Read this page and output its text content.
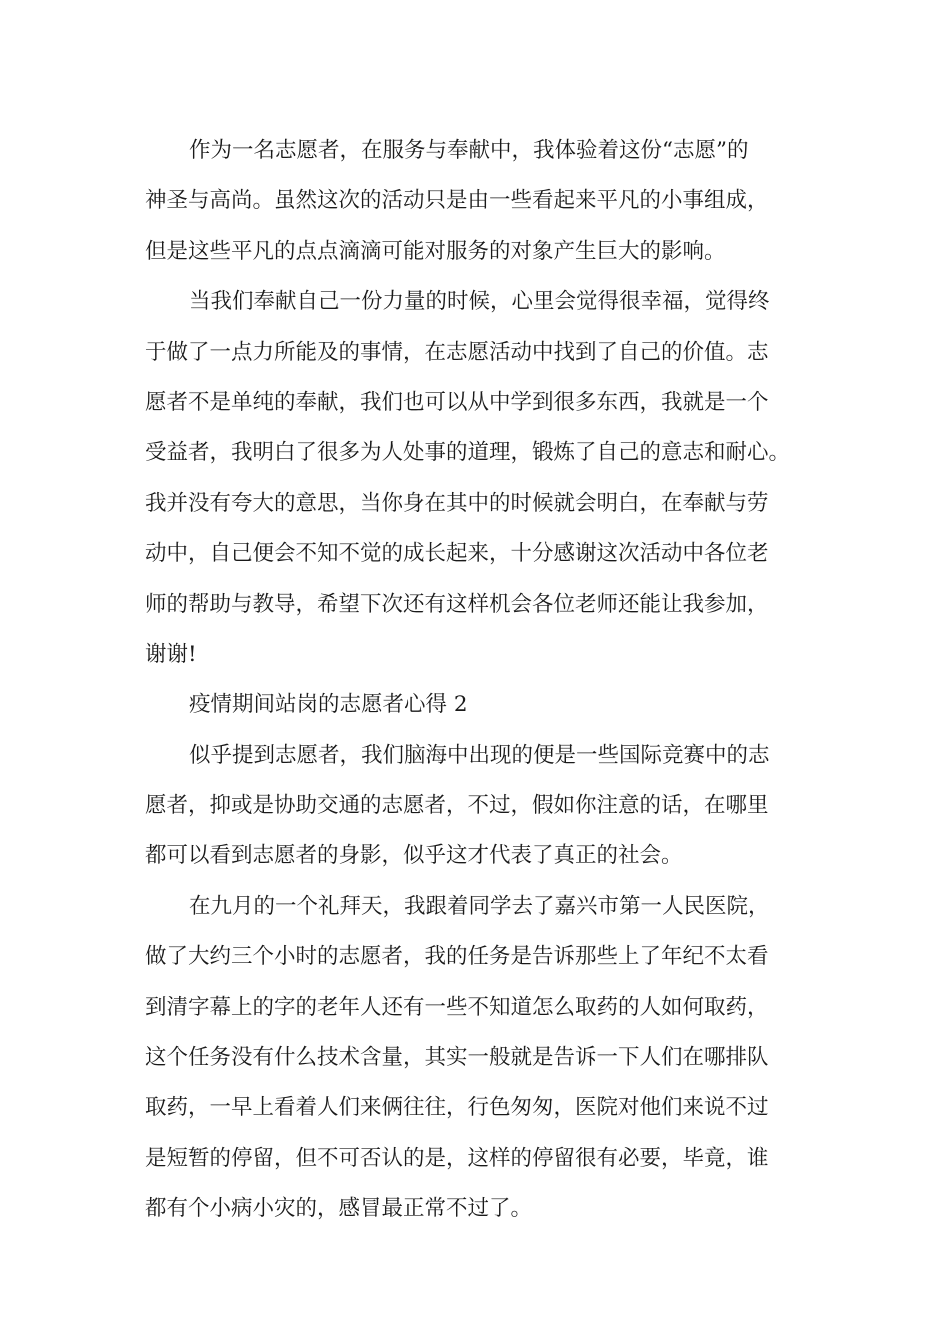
作为一名志愿者，在服务与奉献中，我体验着这份“志愿”的
神圣与高尚。虽然这次的活动只是由一些看起来平凡的小事组成，
但是这些平凡的点点滴滴可能对服务的对象产生巨大的影响。

当我们奉献自己一份力量的时候，心里会觉得很幸福，觉得终
于做了一点力所能及的事情，在志愿活动中找到了自己的价值。志
愿者不是单纯的奉献，我们也可以从中学到很多东西，我就是一个
受益者，我明白了很多为人处事的道理，锻炼了自己的意志和耐心。
我并没有夸大的意思，当你身在其中的时候就会明白，在奉献与劳
动中，自己便会不知不觉的成长起来，十分感谢这次活动中各位老
师的帮助与教导，希望下次还有这样机会各位老师还能让我参加，
谢谢!

疫情期间站岗的志愿者心得 2

似乎提到志愿者，我们脑海中出现的便是一些国际竞赛中的志
愿者，抑或是协助交通的志愿者，不过，假如你注意的话，在哪里
都可以看到志愿者的身影，似乎这才代表了真正的社会。

在九月的一个礼拜天，我跟着同学去了嘉兴市第一人民医院，
做了大约三个小时的志愿者，我的任务是告诉那些上了年纪不太看
到清字幕上的字的老年人还有一些不知道怎么取药的人如何取药，
这个任务没有什么技术含量，其实一般就是告诉一下人们在哪排队
取药，一早上看着人们来俩往往，行色匆匆，医院对他们来说不过
是短暂的停留，但不可否认的是，这样的停留很有必要，毕竟，谁
都有个小病小灾的，感冒最正常不过了。
